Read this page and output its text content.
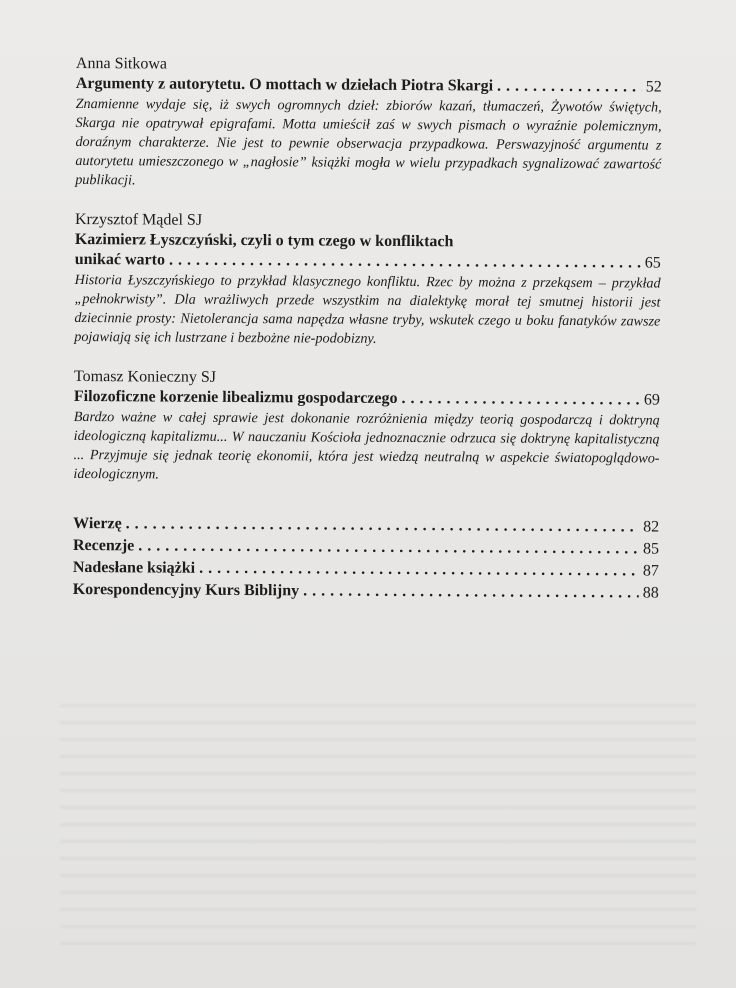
Anna Sitkowa
Argumenty z autorytetu. O mottach w dziełach Piotra Skargi . . .	52
Znamienne wydaje się, iż swych ogromnych dzieł: zbiorów kazań, tłumaczeń, Żywotów świętych, Skarga nie opatrywał epigrafami. Motta umieścił zaś w swych pismach o wyraźnie polemicznym, doraźnym charakterze. Nie jest to pewnie obserwacja przypadkowa. Perswazyjność argumentu z autorytetu umieszczonego w „nagłosie” książki mogła w wielu przypadkach sygnalizować zawartość publikacji.
Krzysztof Mądel SJ
Kazimierz Łyszczyński, czyli o tym czego w konfliktach
unikać warto . . .	65
Historia Łyszczyńskiego to przykład klasycznego konfliktu. Rzec by można z przekąsem – przykład „pełnokrwisty”. Dla wrażliwych przede wszystkim na dialektykę morał tej smutnej historii jest dziecinnie prosty: Nietolerancja sama napędza własne tryby, wskutek czego u boku fanatyków zawsze pojawiają się ich lustrzane i bezbożne nie-podobizny.
Tomasz Konieczny SJ
Filozoficzne korzenie libealizmu gospodarczego . . .	69
Bardzo ważne w całej sprawie jest dokonanie rozróżnienia między teorią gospodarczą i doktryną ideologiczną kapitalizmu... W nauczaniu Kościoła jednoznacznie odrzuca się doktrynę kapitalistyczną ... Przyjmuje się jednak teorię ekonomii, która jest wiedzą neutralną w aspekcie światopoglądowo-ideologicznym.
Wierzę . . .	82
Recenzje . . .	85
Nadesłane książki . . .	87
Korespondencyjny Kurs Biblijny . . .	88
